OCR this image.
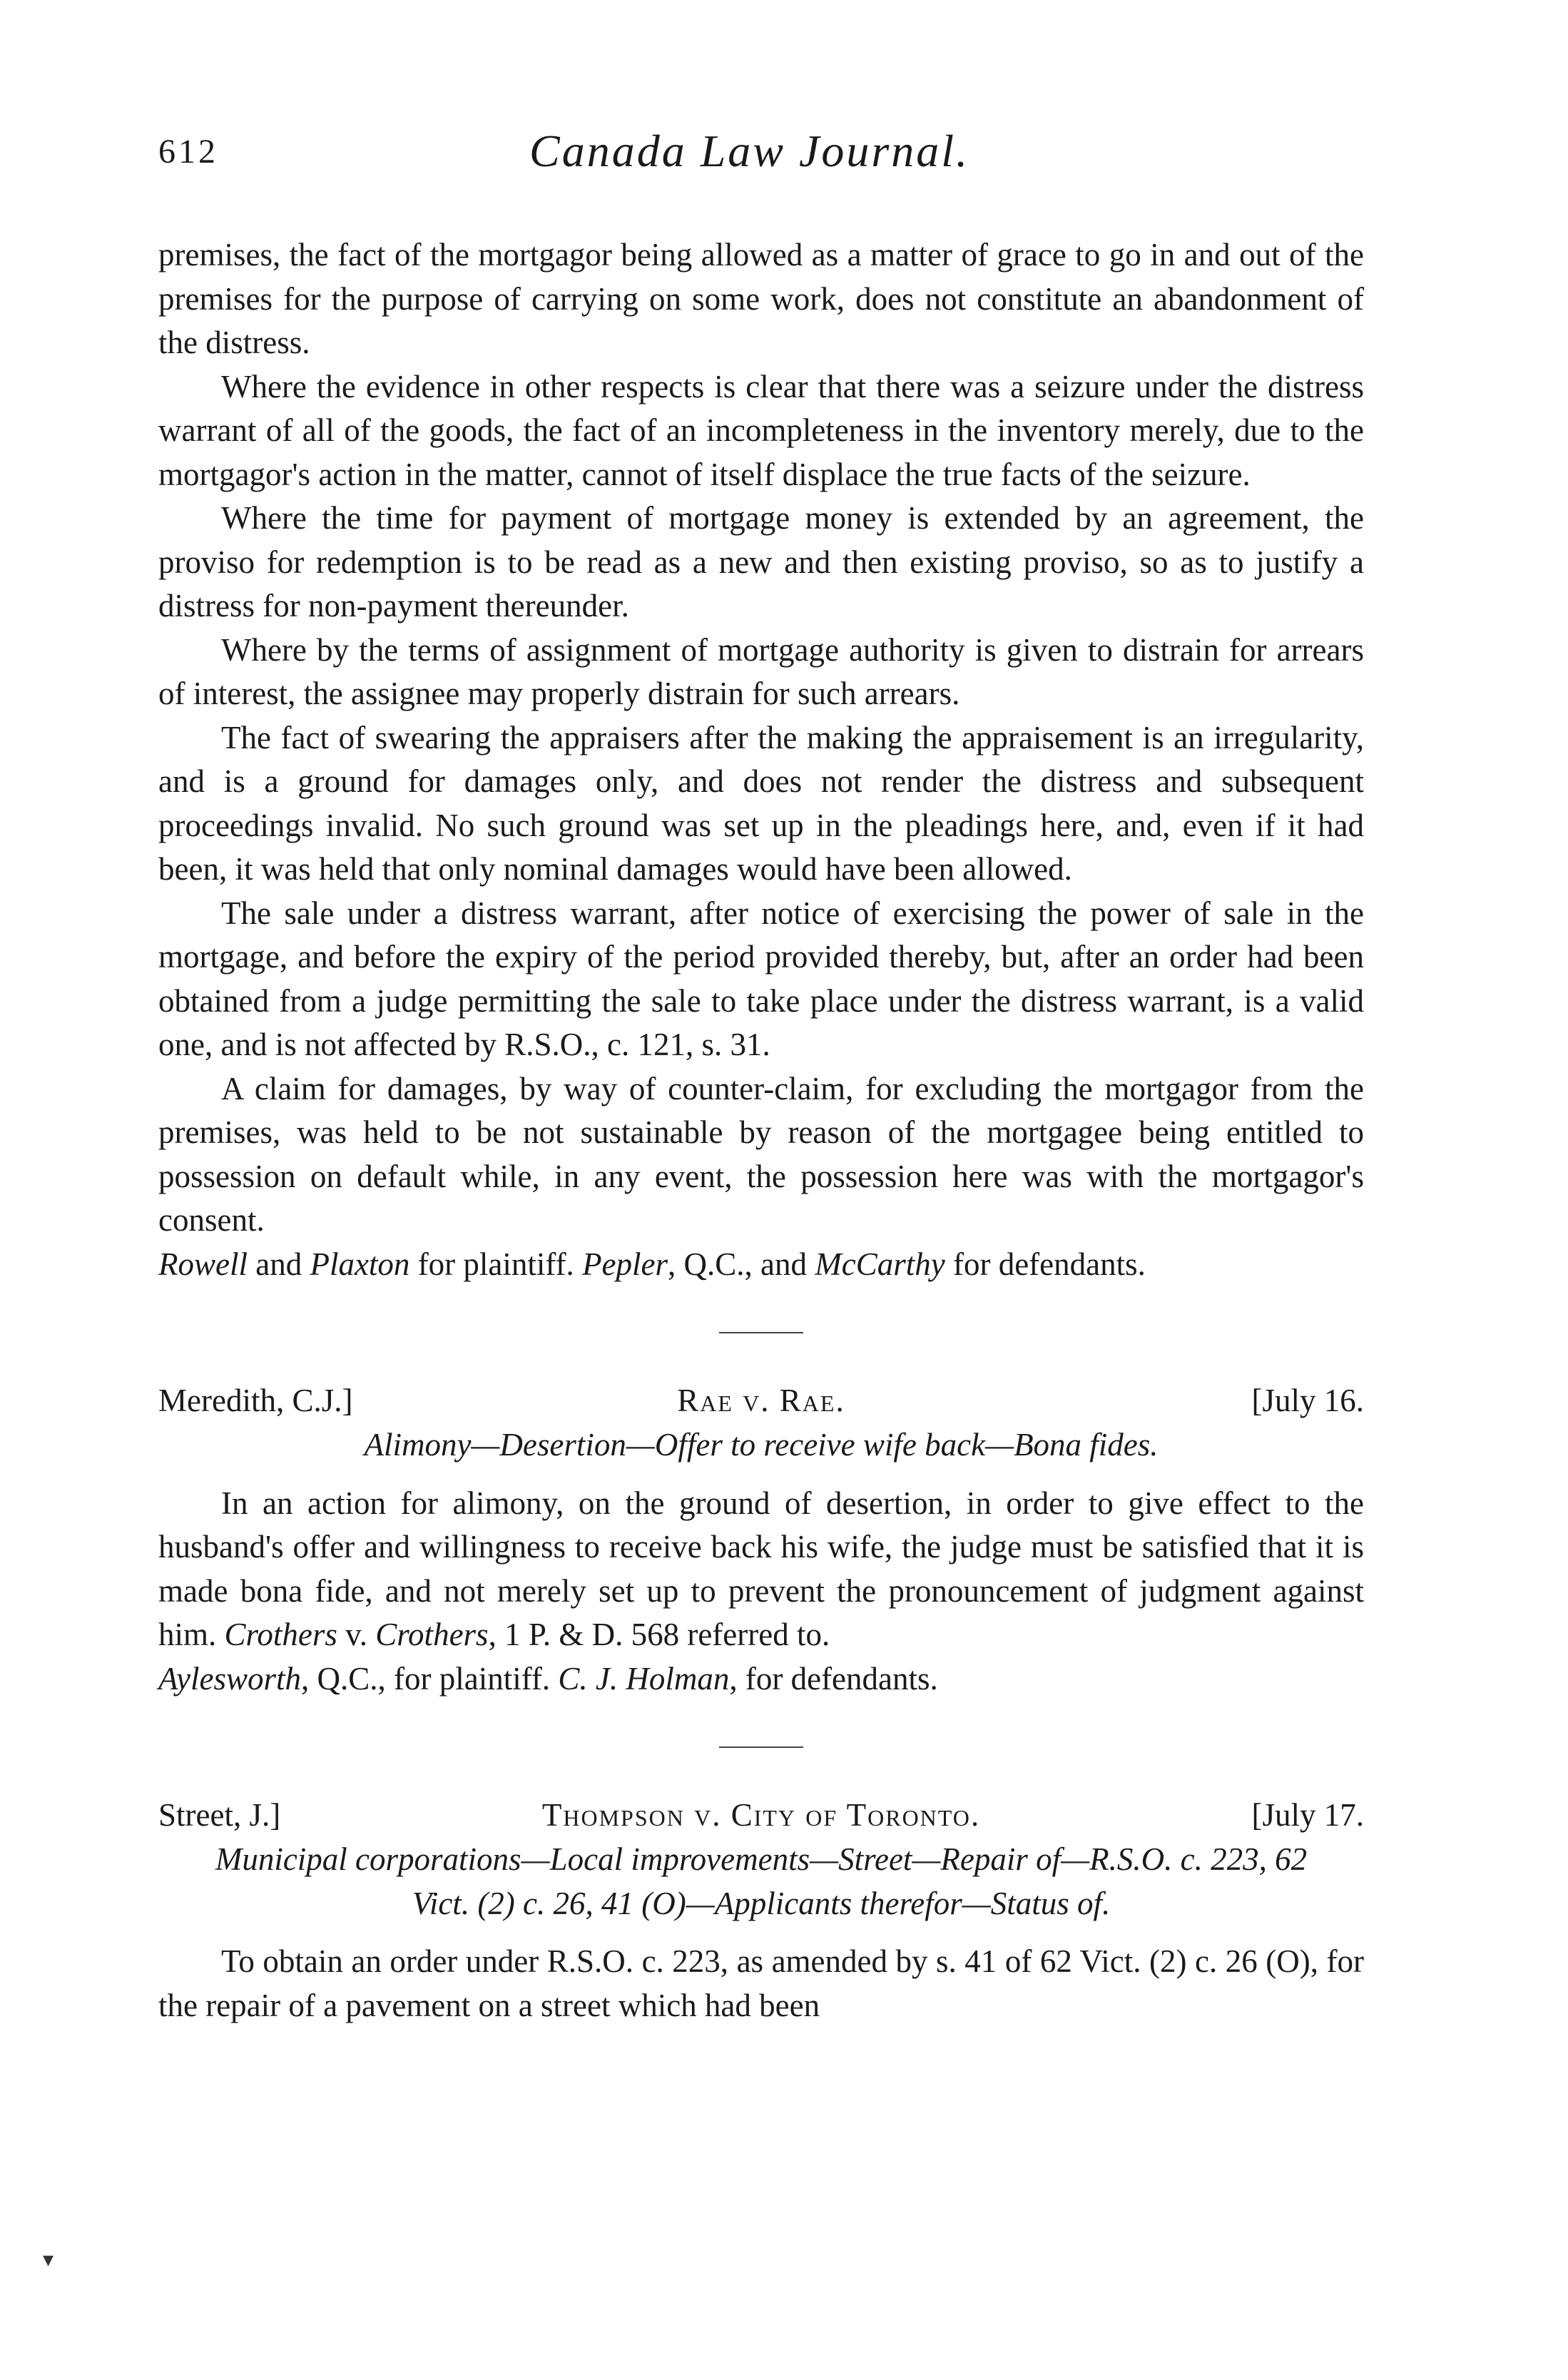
612	Canada Law Journal.

premises, the fact of the mortgagor being allowed as a matter of grace to go in and out of the premises for the purpose of carrying on some work, does not constitute an abandonment of the distress.

Where the evidence in other respects is clear that there was a seizure under the distress warrant of all of the goods, the fact of an incompleteness in the inventory merely, due to the mortgagor's action in the matter, cannot of itself displace the true facts of the seizure.

Where the time for payment of mortgage money is extended by an agreement, the proviso for redemption is to be read as a new and then existing proviso, so as to justify a distress for non-payment thereunder.

Where by the terms of assignment of mortgage authority is given to distrain for arrears of interest, the assignee may properly distrain for such arrears.

The fact of swearing the appraisers after the making the appraisement is an irregularity, and is a ground for damages only, and does not render the distress and subsequent proceedings invalid. No such ground was set up in the pleadings here, and, even if it had been, it was held that only nominal damages would have been allowed.

The sale under a distress warrant, after notice of exercising the power of sale in the mortgage, and before the expiry of the period provided thereby, but, after an order had been obtained from a judge permitting the sale to take place under the distress warrant, is a valid one, and is not affected by R.S.O., c. 121, s. 31.

A claim for damages, by way of counter-claim, for excluding the mortgagor from the premises, was held to be not sustainable by reason of the mortgagee being entitled to possession on default while, in any event, the possession here was with the mortgagor's consent.

Rowell and Plaxton for plaintiff. Pepler, Q.C., and McCarthy for defendants.

Meredith, C.J.]	Rae v. Rae.	[July 16.
Alimony—Desertion—Offer to receive wife back—Bona fides.

In an action for alimony, on the ground of desertion, in order to give effect to the husband's offer and willingness to receive back his wife, the judge must be satisfied that it is made bona fide, and not merely set up to prevent the pronouncement of judgment against him. Crothers v. Crothers, 1 P. & D. 568 referred to.

Aylesworth, Q.C., for plaintiff. C. J. Holman, for defendants.

Street, J.]	Thompson v. City of Toronto.	[July 17.
Municipal corporations—Local improvements—Street—Repair of—R.S.O. c. 223, 62 Vict. (2) c. 26, 41 (O)—Applicants therefor—Status of.

To obtain an order under R.S.O. c. 223, as amended by s. 41 of 62 Vict. (2) c. 26 (O), for the repair of a pavement on a street which had been

▾
